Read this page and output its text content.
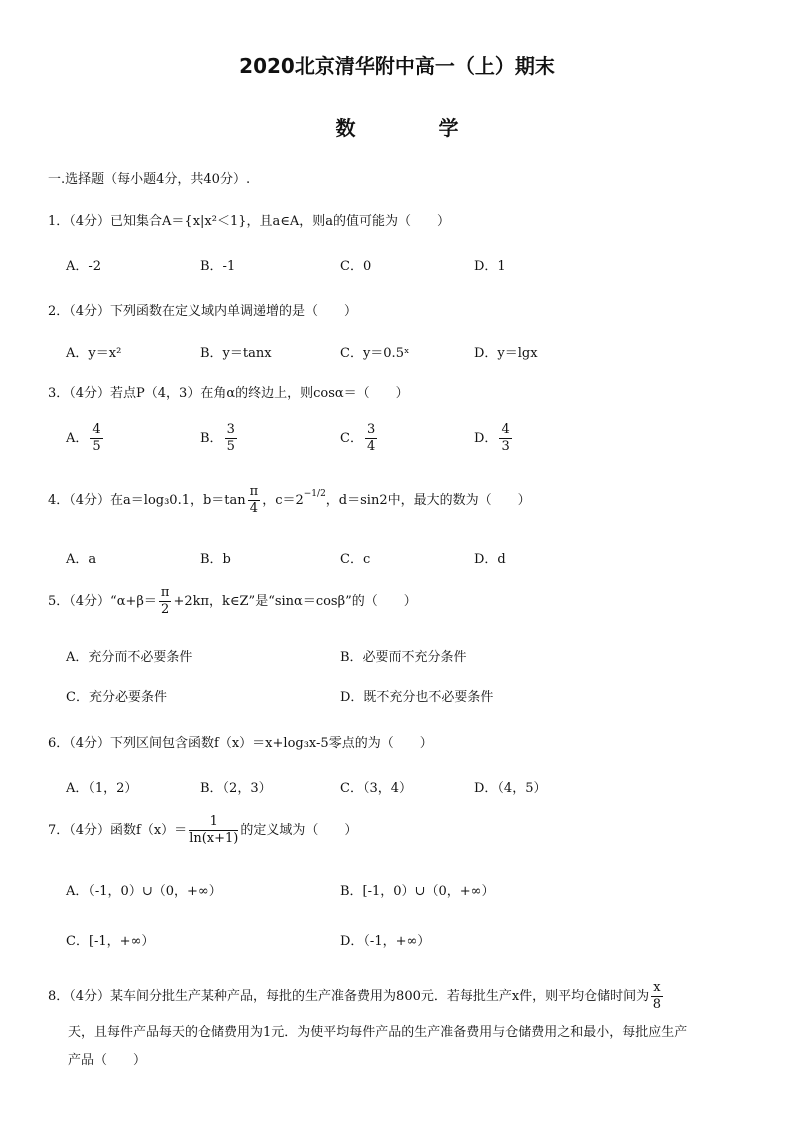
2020北京清华附中高一（上）期末
数 学
一.选择题（每小题4分，共40分）.
1．（4分）已知集合A＝{x|x²＜1}，且a∈A，则a的值可能为（　　）
A．-2	B．-1	C．0	D．1
2．（4分）下列函数在定义域内单调递增的是（　　）
A．y＝x²	B．y＝tanx	C．y＝0.5ˣ	D．y＝lgx
3．（4分）若点P（4，3）在角α的终边上，则cosα＝（　　）
A． $\frac{4}{5}$	B． $\frac{3}{5}$	C． $\frac{3}{4}$	D． $\frac{4}{3}$
4．（4分）在a＝log₃0.1，$b=\tan \frac{\pi}{4}$ ，$c=2^{-1/2}$，d＝sin2中，最大的数为（　　）
A．a	B．b	C．c	D．d
5．（4分）“α+β＝ $\frac{\pi}{2} +2k\pi$，k∈Z”是“sinα＝cosβ”的（　　）
A．充分而不必要条件	B．必要而不充分条件
C．充分必要条件	D．既不充分也不必要条件
6．（4分）下列区间包含函数f（x）＝x+log₃x-5零点的为（　　）
A．（1，2）	B．（2，3）	C．（3，4）	D．（4，5）
7．（4分）函数$f(x)= \frac{1}{\ln(x+1)}$ 的定义域为（　　）
A．（-1，0）∪（0，+∞）	B．[-1，0）∪（0，+∞）
C．[-1，+∞）	D．（-1，+∞）
8．（4分）某车间分批生产某种产品，每批的生产准备费用为800元．若每批生产x件，则平均仓储时间为 $\frac{x}{8}$
天，且每件产品每天的仓储费用为1元．为使平均每件产品的生产准备费用与仓储费用之和最小，每批应生产
产品（　　）
